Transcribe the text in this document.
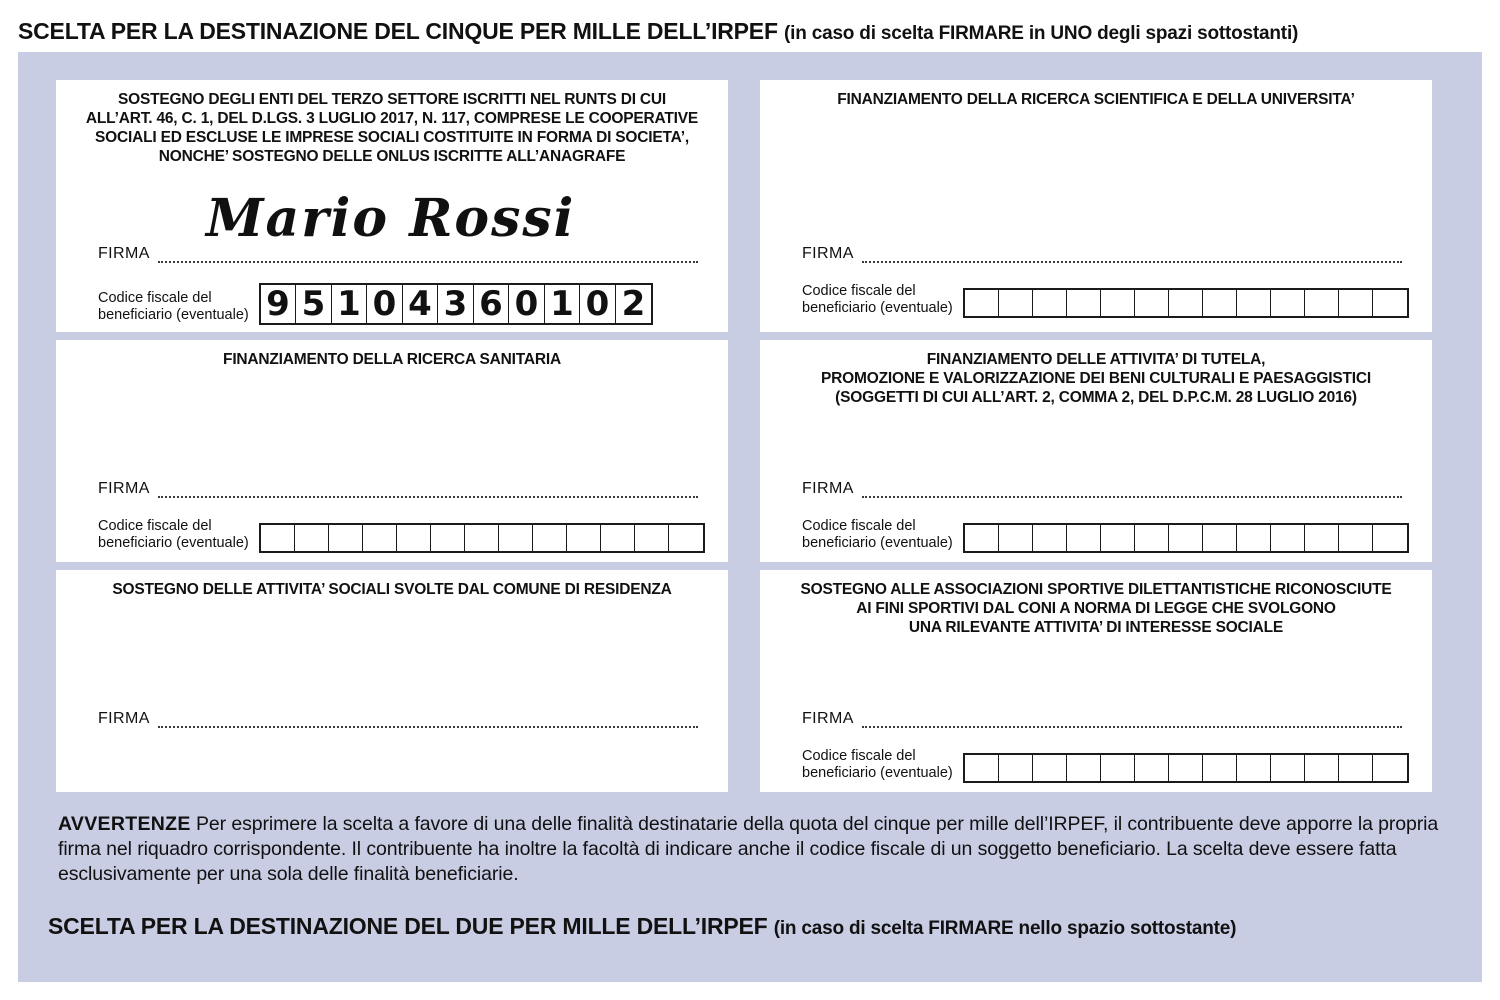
SCELTA PER LA DESTINAZIONE DEL CINQUE PER MILLE DELL’IRPEF (in caso di scelta FIRMARE in UNO degli spazi sottostanti)
SOSTEGNO DEGLI ENTI DEL TERZO SETTORE ISCRITTI NEL RUNTS DI CUI
ALL’ART. 46, C. 1, DEL D.LGS. 3 LUGLIO 2017, N. 117, COMPRESE LE COOPERATIVE
SOCIALI ED ESCLUSE LE IMPRESE SOCIALI COSTITUITE IN FORMA DI SOCIETA’,
NONCHE’ SOSTEGNO DELLE ONLUS ISCRITTE ALL’ANAGRAFE
Mario Rossi
FIRMA
Codice fiscale del
beneficiario (eventuale) 9 5 1 0 4 3 6 0 1 0 2
FINANZIAMENTO DELLA RICERCA SCIENTIFICA E DELLA UNIVERSITA’
FIRMA
Codice fiscale del
beneficiario (eventuale)
FINANZIAMENTO DELLA RICERCA SANITARIA
FIRMA
Codice fiscale del
beneficiario (eventuale)
FINANZIAMENTO DELLE ATTIVITA’ DI TUTELA,
PROMOZIONE E VALORIZZAZIONE DEI BENI CULTURALI E PAESAGGISTICI
(SOGGETTI DI CUI ALL’ART. 2, COMMA 2, DEL D.P.C.M. 28 LUGLIO 2016)
FIRMA
Codice fiscale del
beneficiario (eventuale)
SOSTEGNO DELLE ATTIVITA’ SOCIALI SVOLTE DAL COMUNE DI RESIDENZA
FIRMA
SOSTEGNO ALLE ASSOCIAZIONI SPORTIVE DILETTANTISTICHE RICONOSCIUTE
AI FINI SPORTIVI DAL CONI A NORMA DI LEGGE CHE SVOLGONO
UNA RILEVANTE ATTIVITA’ DI INTERESSE SOCIALE
FIRMA
Codice fiscale del
beneficiario (eventuale)
AVVERTENZE Per esprimere la scelta a favore di una delle finalità destinatarie della quota del cinque per mille dell’IRPEF, il contribuente deve apporre la propria firma nel riquadro corrispondente. Il contribuente ha inoltre la facoltà di indicare anche il codice fiscale di un soggetto beneficiario. La scelta deve essere fatta esclusivamente per una sola delle finalità beneficiarie.
SCELTA PER LA DESTINAZIONE DEL DUE PER MILLE DELL’IRPEF (in caso di scelta FIRMARE nello spazio sottostante)
